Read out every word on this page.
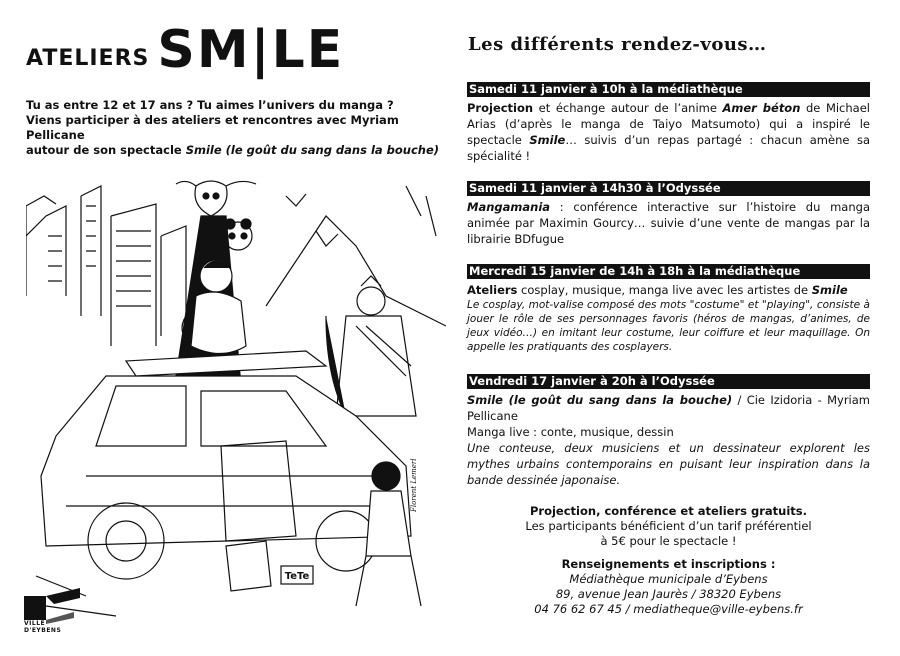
ATELIERS SM|LE
Tu as entre 12 et 17 ans ? Tu aimes l’univers du manga ?
Viens participer à des ateliers et rencontres avec Myriam Pellicane
autour de son spectacle Smile (le goût du sang dans la bouche)
TeTe
Florent Lemerl
VILLE D'EYBENS
Les différents rendez-vous…
Samedi 11 janvier à 10h à la médiathèque
Projection et échange autour de l’anime Amer béton de Michael Arias (d’après le manga de Taiyo Matsumoto) qui a inspiré le spectacle Smile… suivis d’un repas partagé : chacun amène sa spécialité !
Samedi 11 janvier à 14h30 à l’Odyssée
Mangamania : conférence interactive sur l’histoire du manga animée par Maximin Gourcy… suivie d’une vente de mangas par la librairie BDfugue
Mercredi 15 janvier de 14h à 18h à la médiathèque
Ateliers cosplay, musique, manga live avec les artistes de Smile
Le cosplay, mot-valise composé des mots "costume" et "playing", consiste à jouer le rôle de ses personnages favoris (héros de mangas, d’animes, de jeux vidéo…) en imitant leur costume, leur coiffure et leur maquillage. On appelle les pratiquants des cosplayers.
Vendredi 17 janvier à 20h à l’Odyssée
Smile (le goût du sang dans la bouche) / Cie Izidoria - Myriam Pellicane
Manga live : conte, musique, dessin
Une conteuse, deux musiciens et un dessinateur explorent les mythes urbains contemporains en puisant leur inspiration dans la bande dessinée japonaise.
Projection, conférence et ateliers gratuits.
Les participants bénéficient d’un tarif préférentiel
à 5€ pour le spectacle !
Renseignements et inscriptions :
Médiathèque municipale d’Eybens
89, avenue Jean Jaurès / 38320 Eybens
04 76 62 67 45 / mediatheque@ville-eybens.fr
